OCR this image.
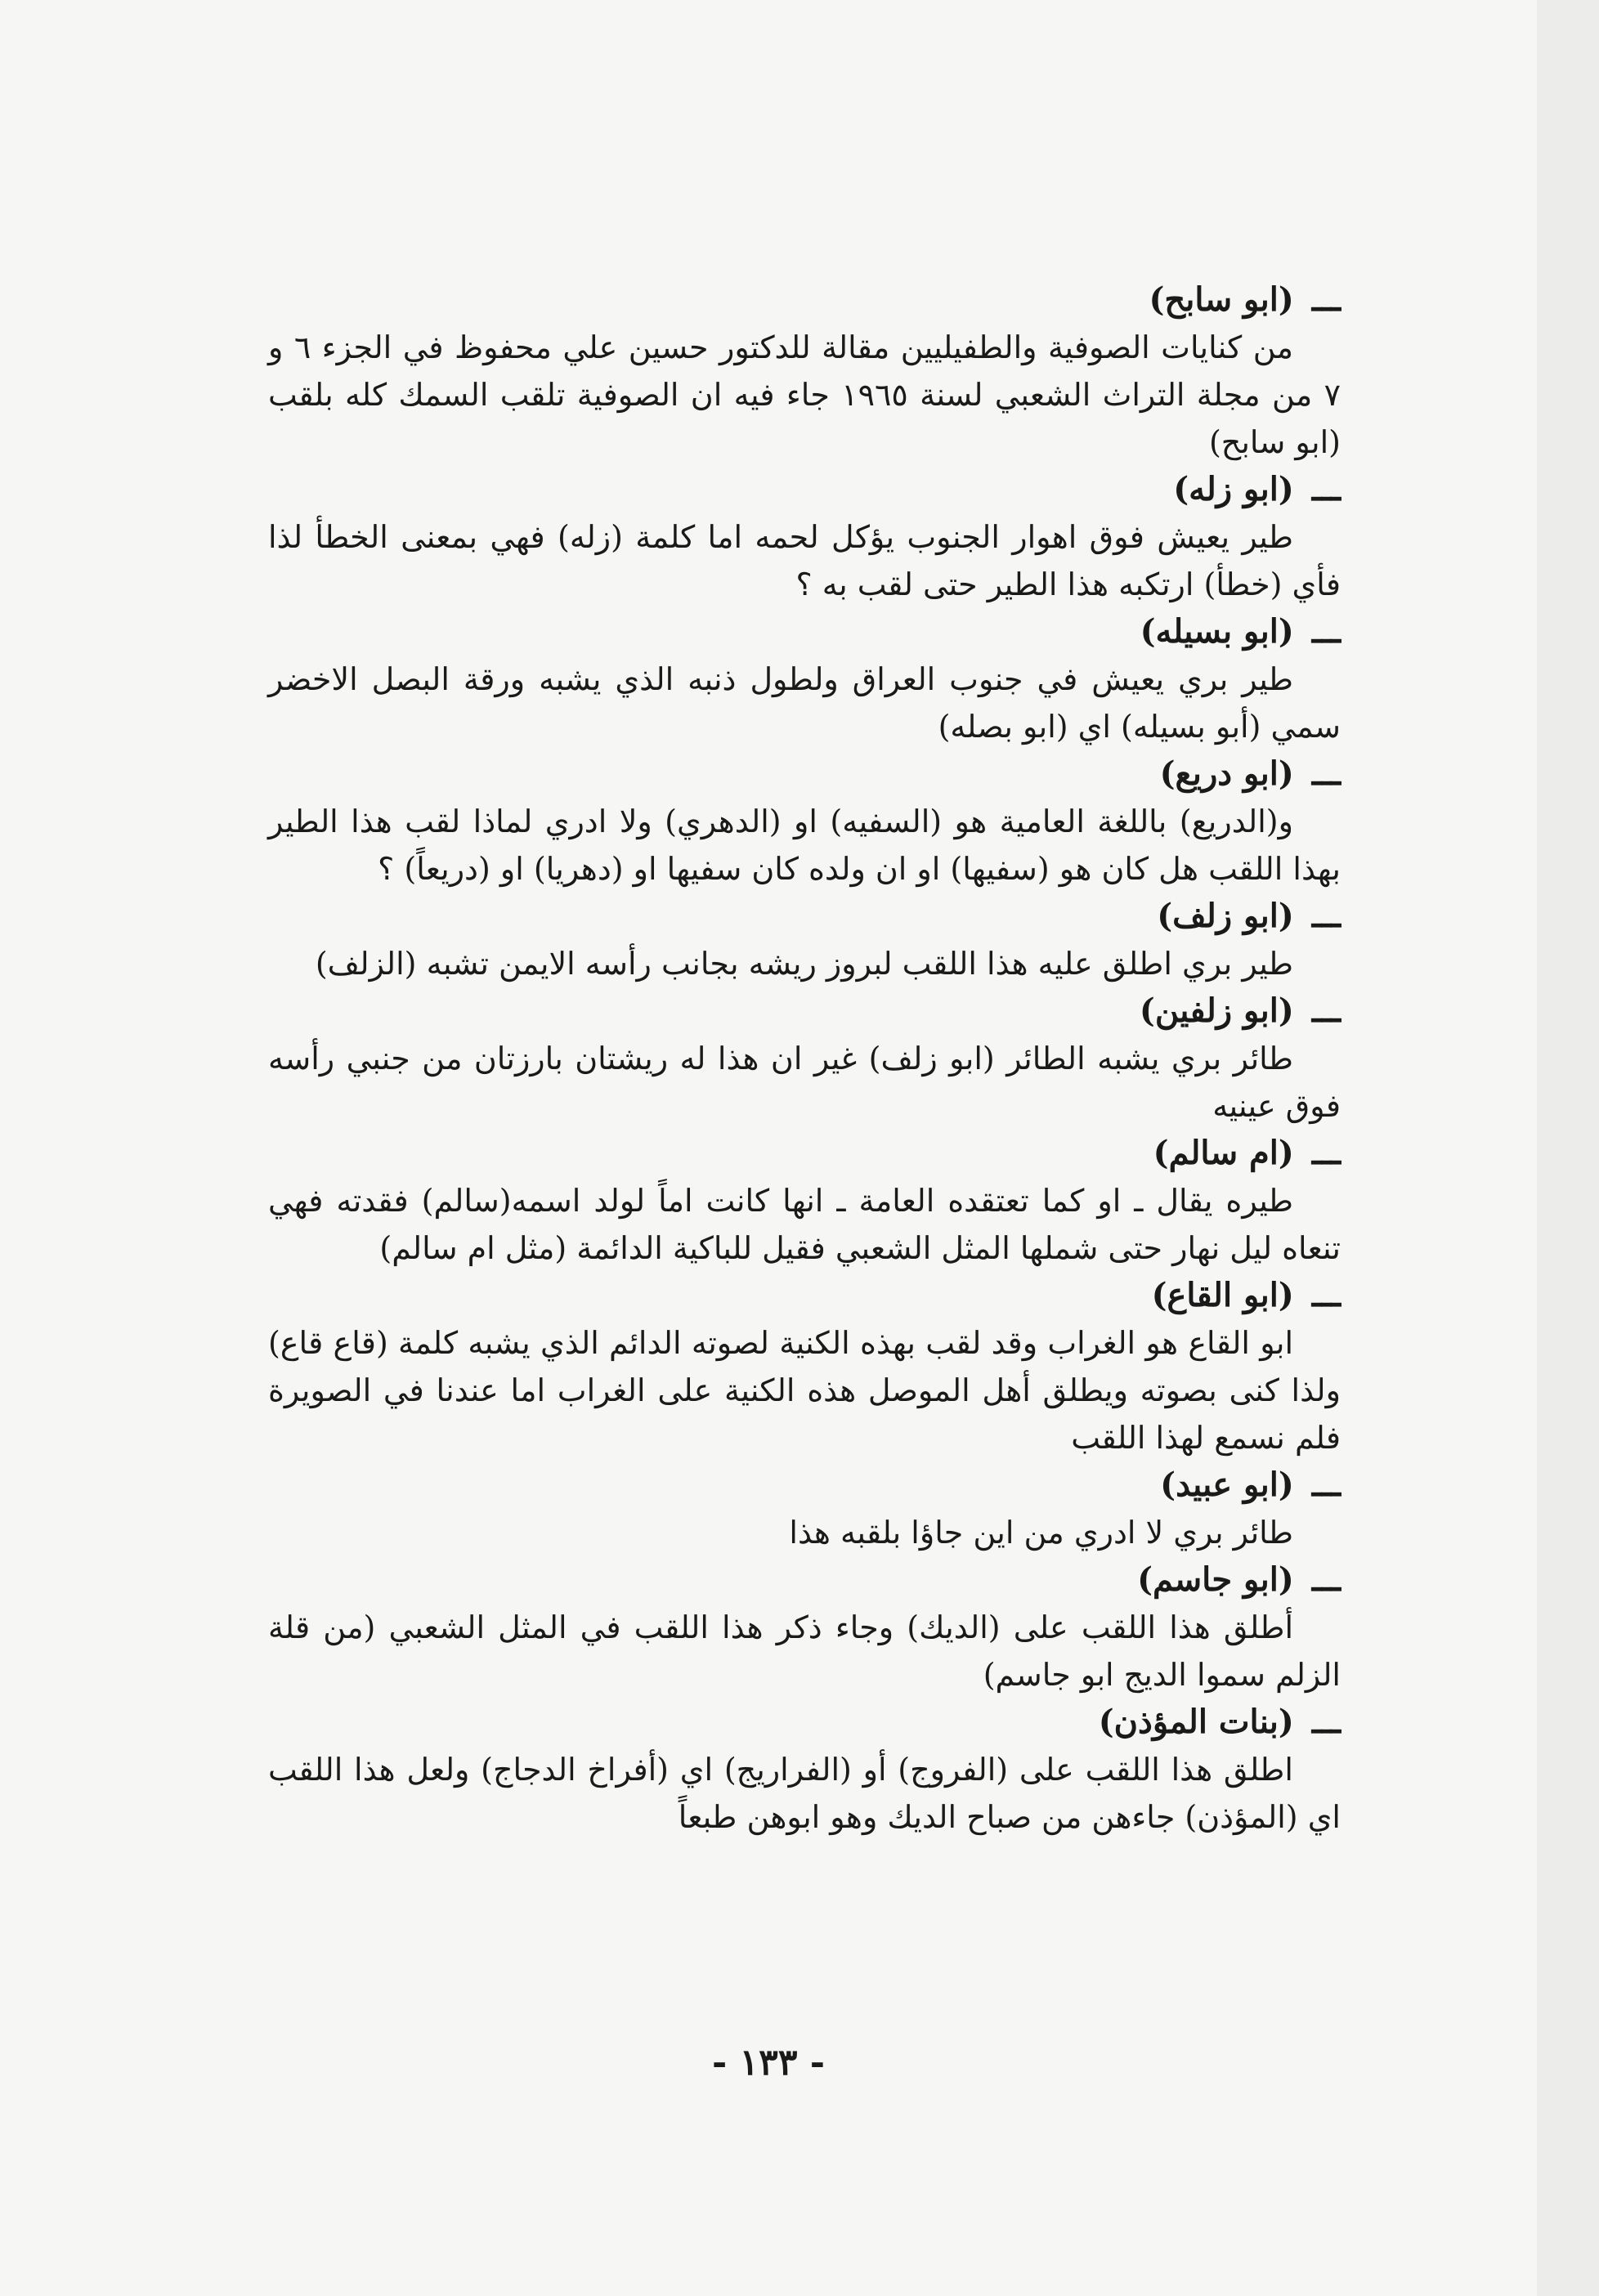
ـــ(ابو سابح)
من كنايات الصوفية والطفيليين مقالة للدكتور حسين علي محفوظ في الجزء ٦ و ٧ من مجلة التراث الشعبي لسنة ١٩٦٥ جاء فيه ان الصوفية تلقب السمك كله بلقب (ابو سابح)
ـــ(ابو زله)
طير يعيش فوق اهوار الجنوب يؤكل لحمه اما كلمة (زله) فهي بمعنى الخطأ لذا فأي (خطأ) ارتكبه هذا الطير حتى لقب به ؟
ـــ(ابو بسيله)
طير بري يعيش في جنوب العراق ولطول ذنبه الذي يشبه ورقة البصل الاخضر سمي (أبو بسيله) اي (ابو بصله)
ـــ(ابو دريع)
و(الدريع) باللغة العامية هو (السفيه) او (الدهري) ولا ادري لماذا لقب هذا الطير بهذا اللقب هل كان هو (سفيها) او ان ولده كان سفيها او (دهريا) او (دريعاً) ؟
ـــ(ابو زلف)
طير بري اطلق عليه هذا اللقب لبروز ريشه بجانب رأسه الايمن تشبه (الزلف)
ـــ(ابو زلفين)
طائر بري يشبه الطائر (ابو زلف) غير ان هذا له ريشتان بارزتان من جنبي رأسه فوق عينيه
ـــ(ام سالم)
طيره يقال ـ او كما تعتقده العامة ـ انها كانت اماً لولد اسمه(سالم) فقدته فهي تنعاه ليل نهار حتى شملها المثل الشعبي فقيل للباكية الدائمة (مثل ام سالم)
ـــ(ابو القاع)
ابو القاع هو الغراب وقد لقب بهذه الكنية لصوته الدائم الذي يشبه كلمة (قاع قاع) ولذا كنى بصوته ويطلق أهل الموصل هذه الكنية على الغراب اما عندنا في الصويرة فلم نسمع لهذا اللقب
ـــ(ابو عبيد)
طائر بري لا ادري من اين جاؤا بلقبه هذا
ـــ(ابو جاسم)
أطلق هذا اللقب على (الديك) وجاء ذكر هذا اللقب في المثل الشعبي (من قلة الزلم سموا الديج ابو جاسم)
ـــ(بنات المؤذن)
اطلق هذا اللقب على (الفروج) أو (الفراريج) اي (أفراخ الدجاج) ولعل هذا اللقب اي (المؤذن) جاءهن من صباح الديك وهو ابوهن طبعاً
- ١٣٣ -
